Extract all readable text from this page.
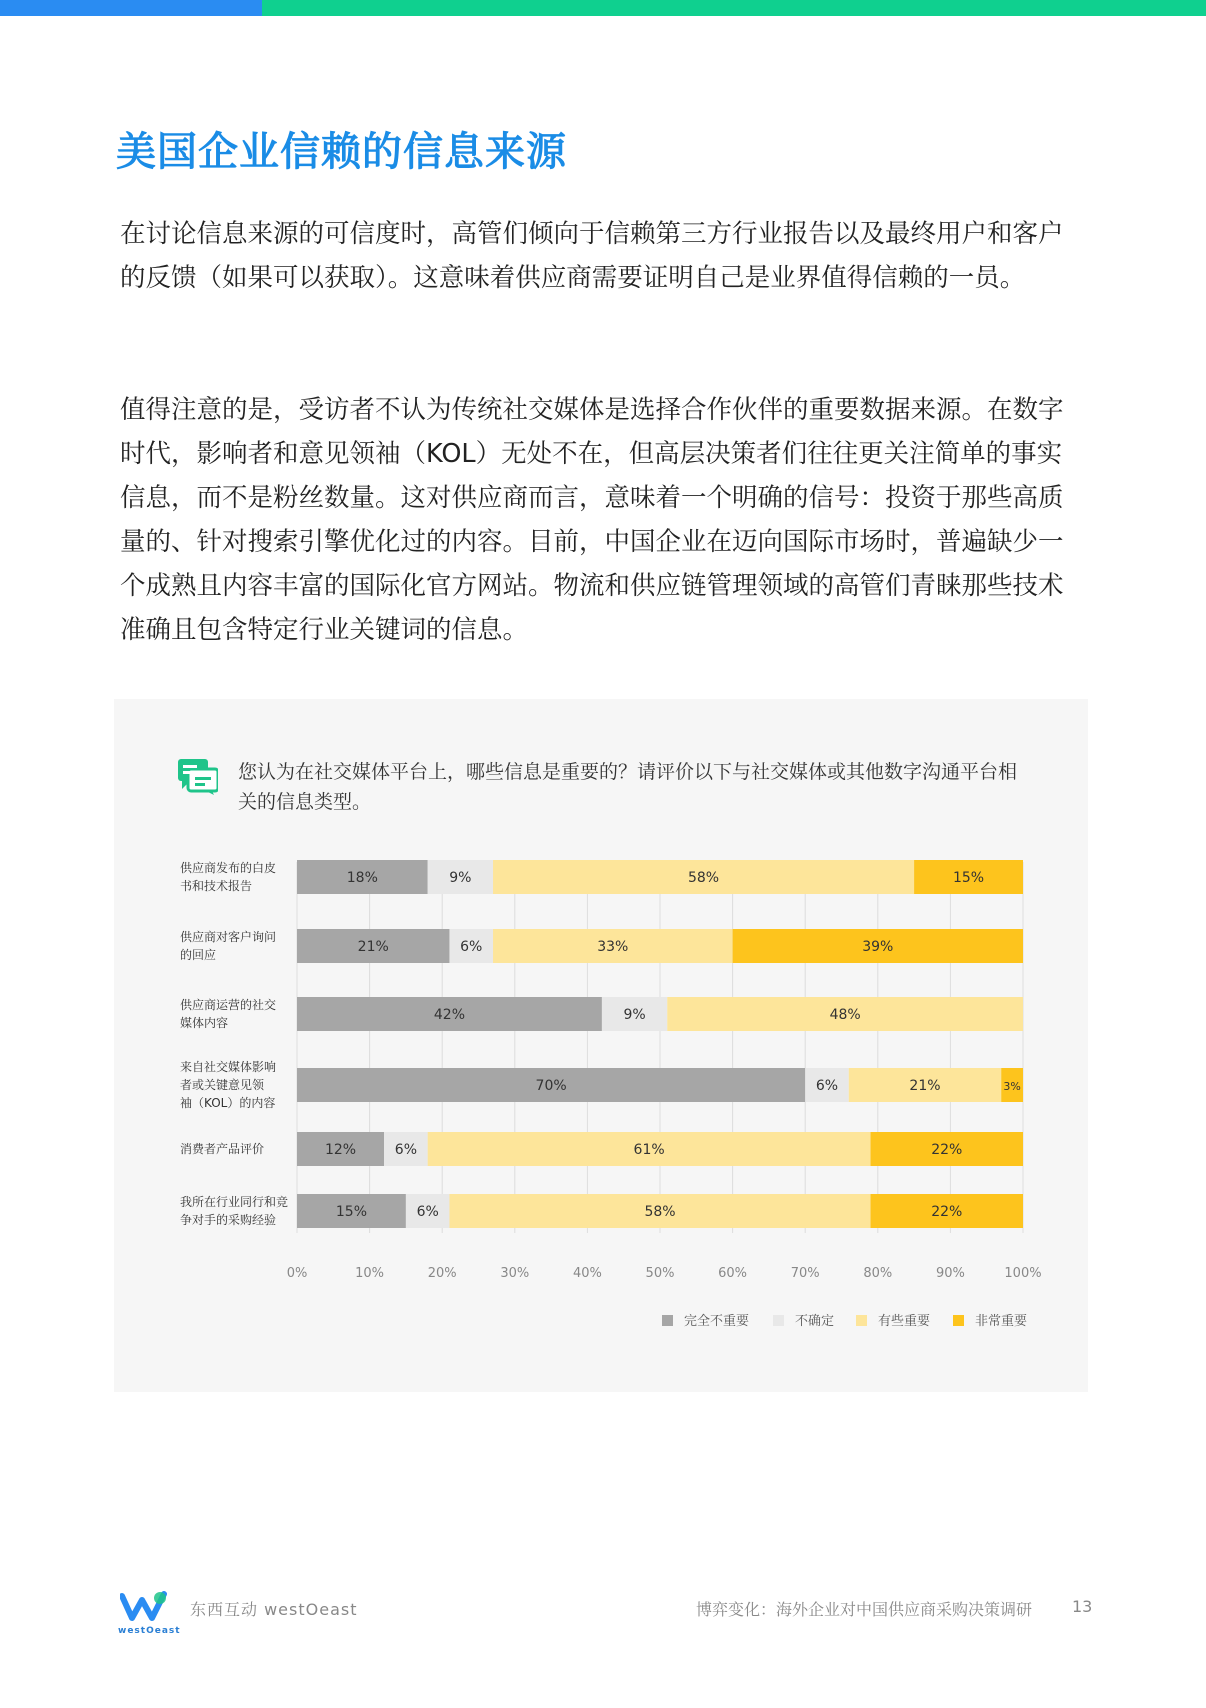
美国企业信赖的信息来源

在讨论信息来源的可信度时，高管们倾向于信赖第三方行业报告以及最终用户和客户的反馈（如果可以获取）。这意味着供应商需要证明自己是业界值得信赖的一员。

值得注意的是，受访者不认为传统社交媒体是选择合作伙伴的重要数据来源。在数字时代，影响者和意见领袖（KOL）无处不在，但高层决策者们往往更关注简单的事实信息，而不是粉丝数量。这对供应商而言，意味着一个明确的信号：投资于那些高质量的、针对搜索引擎优化过的内容。目前，中国企业在迈向国际市场时，普遍缺少一个成熟且内容丰富的国际化官方网站。物流和供应链管理领域的高管们青睐那些技术准确且包含特定行业关键词的信息。

您认为在社交媒体平台上，哪些信息是重要的？请评价以下与社交媒体或其他数字沟通平台相关的信息类型。

18%	9%	58%	15%
供应商发布的白皮
书和技术报告
21%	6%	33%	39%
供应商对客户询问
的回应
42%	9%	48%
供应商运营的社交
媒体内容
70%	6%	21%	3%
来自社交媒体影响
者或关键意见领
袖（KOL）的内容
12%	6%	61%	22%
消费者产品评价
15%	6%	58%	22%
我所在行业同行和竞
争对手的采购经验
0%	10%	20%	30%	40%	50%	60%	70%	80%	90%	100%
完全不重要	不确定	有些重要	非常重要
westOeast
东西互动 westOeast	博弈变化：海外企业对中国供应商采购决策调研 13
